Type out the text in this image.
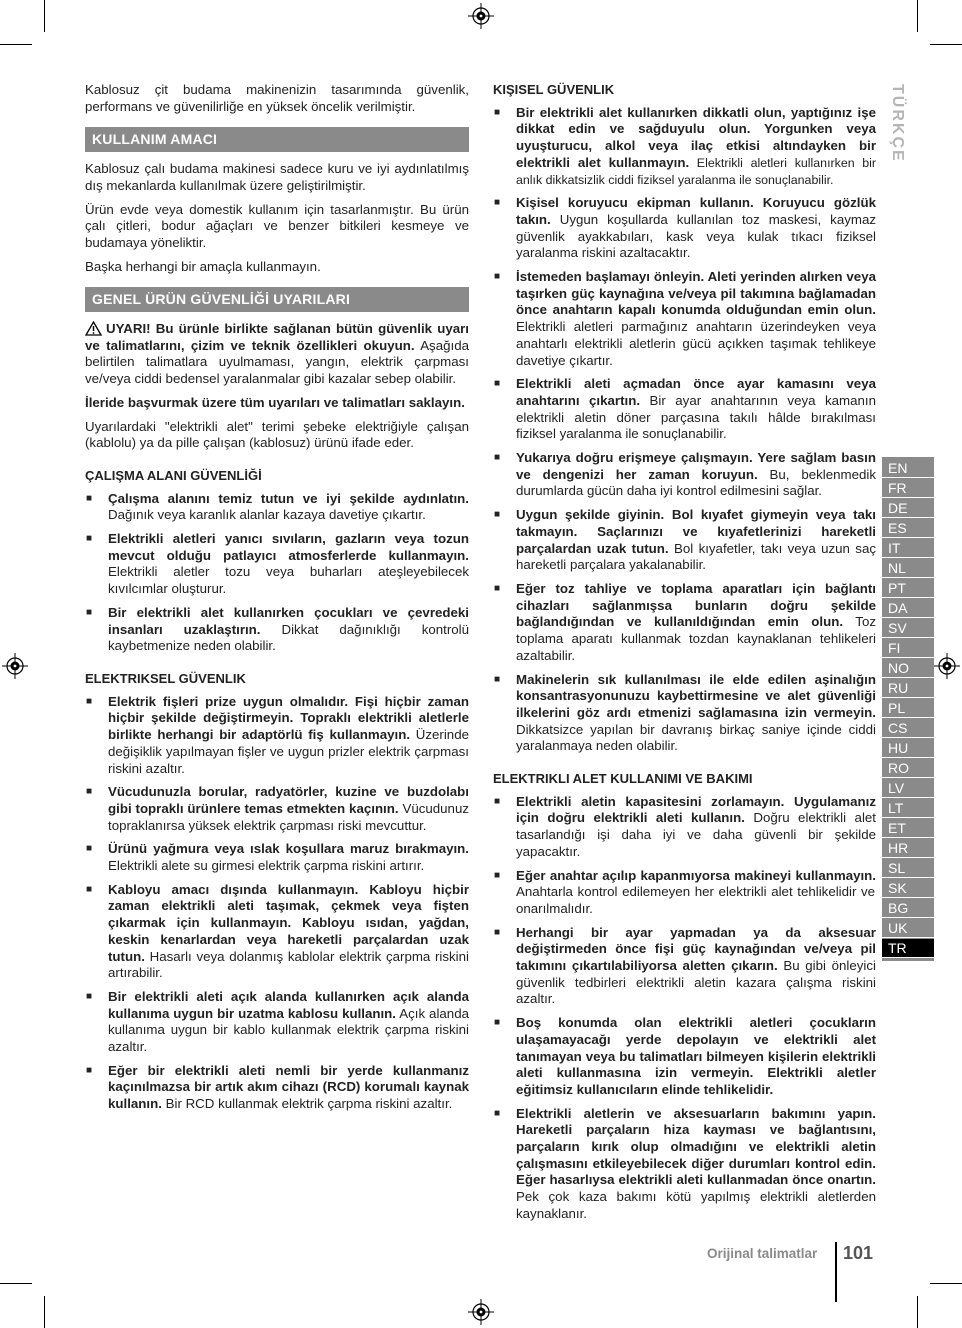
TÜRKÇE

Kablosuz çit budama makinenizin tasarımında güvenlik, performans ve güvenilirliğe en yüksek öncelik verilmiştir.

KULLANIM AMACI

Kablosuz çalı budama makinesi sadece kuru ve iyi aydınlatılmış dış mekanlarda kullanılmak üzere geliştirilmiştir.

Ürün evde veya domestik kullanım için tasarlanmıştır. Bu ürün çalı çitleri, bodur ağaçları ve benzer bitkileri kesmeye ve budamaya yöneliktir.

Başka herhangi bir amaçla kullanmayın.

GENEL ÜRÜN GÜVENLİĞİ UYARILARI

UYARI! Bu ürünle birlikte sağlanan bütün güvenlik uyarı ve talimatlarını, çizim ve teknik özellikleri okuyun. Aşağıda belirtilen talimatlara uyulmaması, yangın, elektrik çarpması ve/veya ciddi bedensel yaralanmalar gibi kazalar sebep olabilir.

İleride başvurmak üzere tüm uyarıları ve talimatları saklayın.

Uyarılardaki "elektrikli alet" terimi şebeke elektriğiyle çalışan (kablolu) ya da pille çalışan (kablosuz) ürünü ifade eder.

ÇALIŞMA ALANI GÜVENLİĞİ
■ Çalışma alanını temiz tutun ve iyi şekilde aydınlatın. Dağınık veya karanlık alanlar kazaya davetiye çıkartır.
■ Elektrikli aletleri yanıcı sıvıların, gazların veya tozun mevcut olduğu patlayıcı atmosferlerde kullanmayın. Elektrikli aletler tozu veya buharları ateşleyebilecek kıvılcımlar oluşturur.
■ Bir elektrikli alet kullanırken çocukları ve çevredeki insanları uzaklaştırın. Dikkat dağınıklığı kontrolü kaybetmenize neden olabilir.
ELEKTRIKSEL GÜVENLIK
■ Elektrik fişleri prize uygun olmalıdır. Fişi hiçbir zaman hiçbir şekilde değiştirmeyin. Topraklı elektrikli aletlerle birlikte herhangi bir adaptörlü fiş kullanmayın. Üzerinde değişiklik yapılmayan fişler ve uygun prizler elektrik çarpması riskini azaltır.
■ Vücudunuzla borular, radyatörler, kuzine ve buzdolabı gibi topraklı ürünlere temas etmekten kaçının. Vücudunuz topraklanırsa yüksek elektrik çarpması riski mevcuttur.
■ Ürünü yağmura veya ıslak koşullara maruz bırakmayın. Elektrikli alete su girmesi elektrik çarpma riskini artırır.
■ Kabloyu amacı dışında kullanmayın. Kabloyu hiçbir zaman elektrikli aleti taşımak, çekmek veya fişten çıkarmak için kullanmayın. Kabloyu ısıdan, yağdan, keskin kenarlardan veya hareketli parçalardan uzak tutun. Hasarlı veya dolanmış kablolar elektrik çarpma riskini artırabilir.
■ Bir elektrikli aleti açık alanda kullanırken açık alanda kullanıma uygun bir uzatma kablosu kullanın. Açık alanda kullanıma uygun bir kablo kullanmak elektrik çarpma riskini azaltır.
■ Eğer bir elektrikli aleti nemli bir yerde kullanmanız kaçınılmazsa bir artık akım cihazı (RCD) korumalı kaynak kullanın. Bir RCD kullanmak elektrik çarpma riskini azaltır.
KIŞISEL GÜVENLIK
■ Bir elektrikli alet kullanırken dikkatli olun, yaptığınız işe dikkat edin ve sağduyulu olun. Yorgunken veya uyuşturucu, alkol veya ilaç etkisi altındayken bir elektrikli alet kullanmayın. Elektrikli aletleri kullanırken bir anlık dikkatsizlik ciddi fiziksel yaralanma ile sonuçlanabilir.
■ Kişisel koruyucu ekipman kullanın. Koruyucu gözlük takın. Uygun koşullarda kullanılan toz maskesi, kaymaz güvenlik ayakkabıları, kask veya kulak tıkacı fiziksel yaralanma riskini azaltacaktır.
■ İstemeden başlamayı önleyin. Aleti yerinden alırken veya taşırken güç kaynağına ve/veya pil takımına bağlamadan önce anahtarın kapalı konumda olduğundan emin olun. Elektrikli aletleri parmağınız anahtarın üzerindeyken veya anahtarlı elektrikli aletlerin gücü açıkken taşımak tehlikeye davetiye çıkartır.
■ Elektrikli aleti açmadan önce ayar kamasını veya anahtarını çıkartın. Bir ayar anahtarının veya kamanın elektrikli aletin döner parçasına takılı hâlde bırakılması fiziksel yaralanma ile sonuçlanabilir.
■ Yukarıya doğru erişmeye çalışmayın. Yere sağlam basın ve dengenizi her zaman koruyun. Bu, beklenmedik durumlarda gücün daha iyi kontrol edilmesini sağlar.
■ Uygun şekilde giyinin. Bol kıyafet giymeyin veya takı takmayın. Saçlarınızı ve kıyafetlerinizi hareketli parçalardan uzak tutun. Bol kıyafetler, takı veya uzun saç hareketli parçalara yakalanabilir.
■ Eğer toz tahliye ve toplama aparatları için bağlantı cihazları sağlanmışsa bunların doğru şekilde bağlandığından ve kullanıldığından emin olun. Toz toplama aparatı kullanmak tozdan kaynaklanan tehlikeleri azaltabilir.
■ Makinelerin sık kullanılması ile elde edilen aşinalığın konsantrasyonunuzu kaybettirmesine ve alet güvenliği ilkelerini göz ardı etmenizi sağlamasına izin vermeyin. Dikkatsizce yapılan bir davranış birkaç saniye içinde ciddi yaralanmaya neden olabilir.
ELEKTRIKLI ALET KULLANIMI VE BAKIMI
■ Elektrikli aletin kapasitesini zorlamayın. Uygulamanız için doğru elektrikli aleti kullanın. Doğru elektrikli alet tasarlandığı işi daha iyi ve daha güvenli bir şekilde yapacaktır.
■ Eğer anahtar açılıp kapanmıyorsa makineyi kullanmayın. Anahtarla kontrol edilemeyen her elektrikli alet tehlikelidir ve onarılmalıdır.
■ Herhangi bir ayar yapmadan ya da aksesuar değiştirmeden önce fişi güç kaynağından ve/veya pil takımını çıkartılabiliyorsa aletten çıkarın. Bu gibi önleyici güvenlik tedbirleri elektrikli aletin kazara çalışma riskini azaltır.
■ Boş konumda olan elektrikli aletleri çocukların ulaşamayacağı yerde depolayın ve elektrikli alet tanımayan veya bu talimatları bilmeyen kişilerin elektrikli aleti kullanmasına izin vermeyin. Elektrikli aletler eğitimsiz kullanıcıların elinde tehlikelidir.
■ Elektrikli aletlerin ve aksesuarların bakımını yapın. Hareketli parçaların hiza kayması ve bağlantısını, parçaların kırık olup olmadığını ve elektrikli aletin çalışmasını etkileyebilecek diğer durumları kontrol edin. Eğer hasarlıysa elektrikli aleti kullanmadan önce onartın. Pek çok kaza bakımı kötü yapılmış elektrikli aletlerden kaynaklanır.
EN
FR
DE
ES
IT
NL
PT
DA
SV
FI
NO
RU
PL
CS
HU
RO
LV
LT
ET
HR
SL
SK
BG
UK
TR
Orijinal talimatlar 101
